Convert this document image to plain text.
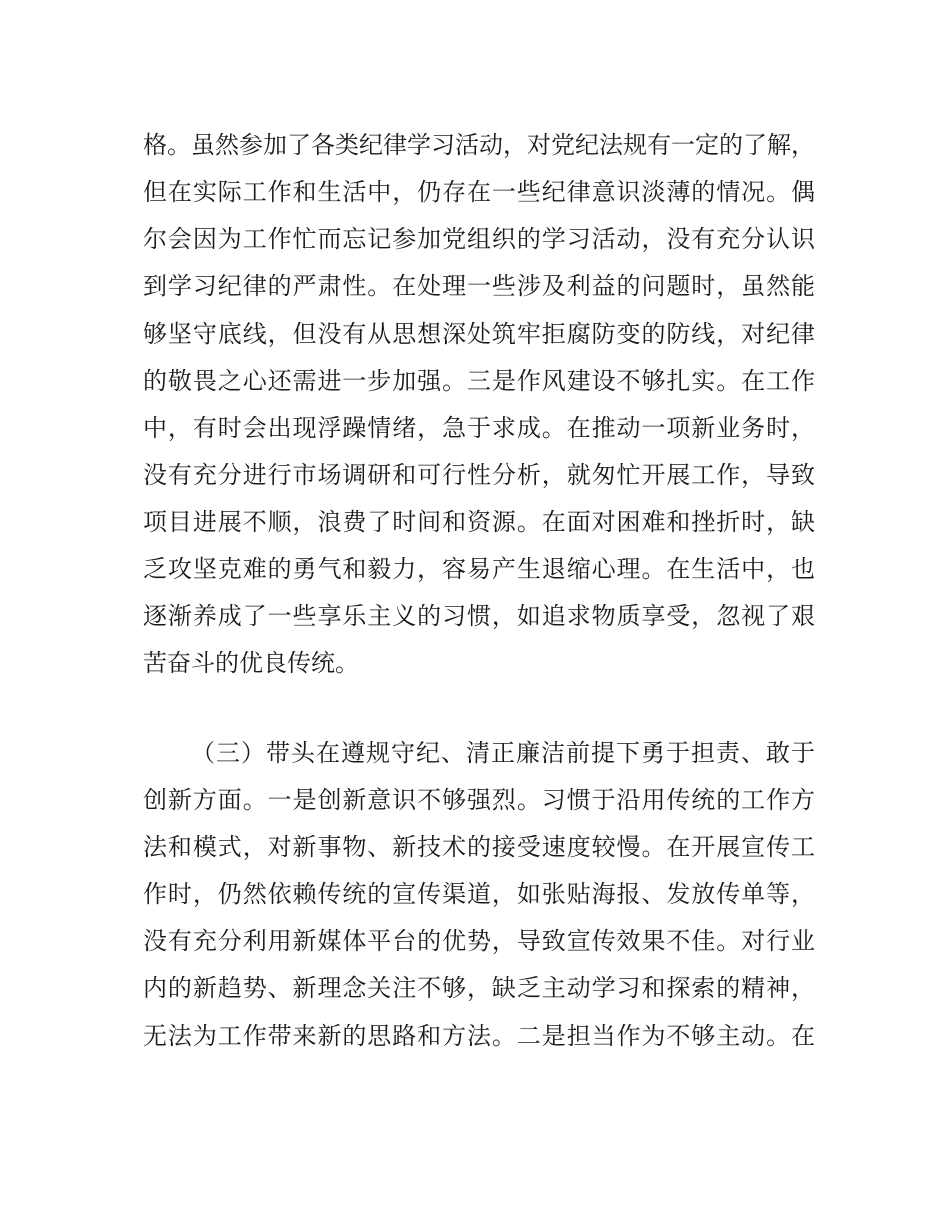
格。虽然参加了各类纪律学习活动，对党纪法规有一定的了解，
但在实际工作和生活中，仍存在一些纪律意识淡薄的情况。偶
尔会因为工作忙而忘记参加党组织的学习活动，没有充分认识
到学习纪律的严肃性。在处理一些涉及利益的问题时，虽然能
够坚守底线，但没有从思想深处筑牢拒腐防变的防线，对纪律
的敬畏之心还需进一步加强。三是作风建设不够扎实。在工作
中，有时会出现浮躁情绪，急于求成。在推动一项新业务时，
没有充分进行市场调研和可行性分析，就匆忙开展工作，导致
项目进展不顺，浪费了时间和资源。在面对困难和挫折时，缺
乏攻坚克难的勇气和毅力，容易产生退缩心理。在生活中，也
逐渐养成了一些享乐主义的习惯，如追求物质享受，忽视了艰
苦奋斗的优良传统。
（三）带头在遵规守纪、清正廉洁前提下勇于担责、敢于
创新方面。一是创新意识不够强烈。习惯于沿用传统的工作方
法和模式，对新事物、新技术的接受速度较慢。在开展宣传工
作时，仍然依赖传统的宣传渠道，如张贴海报、发放传单等，
没有充分利用新媒体平台的优势，导致宣传效果不佳。对行业
内的新趋势、新理念关注不够，缺乏主动学习和探索的精神，
无法为工作带来新的思路和方法。二是担当作为不够主动。在
